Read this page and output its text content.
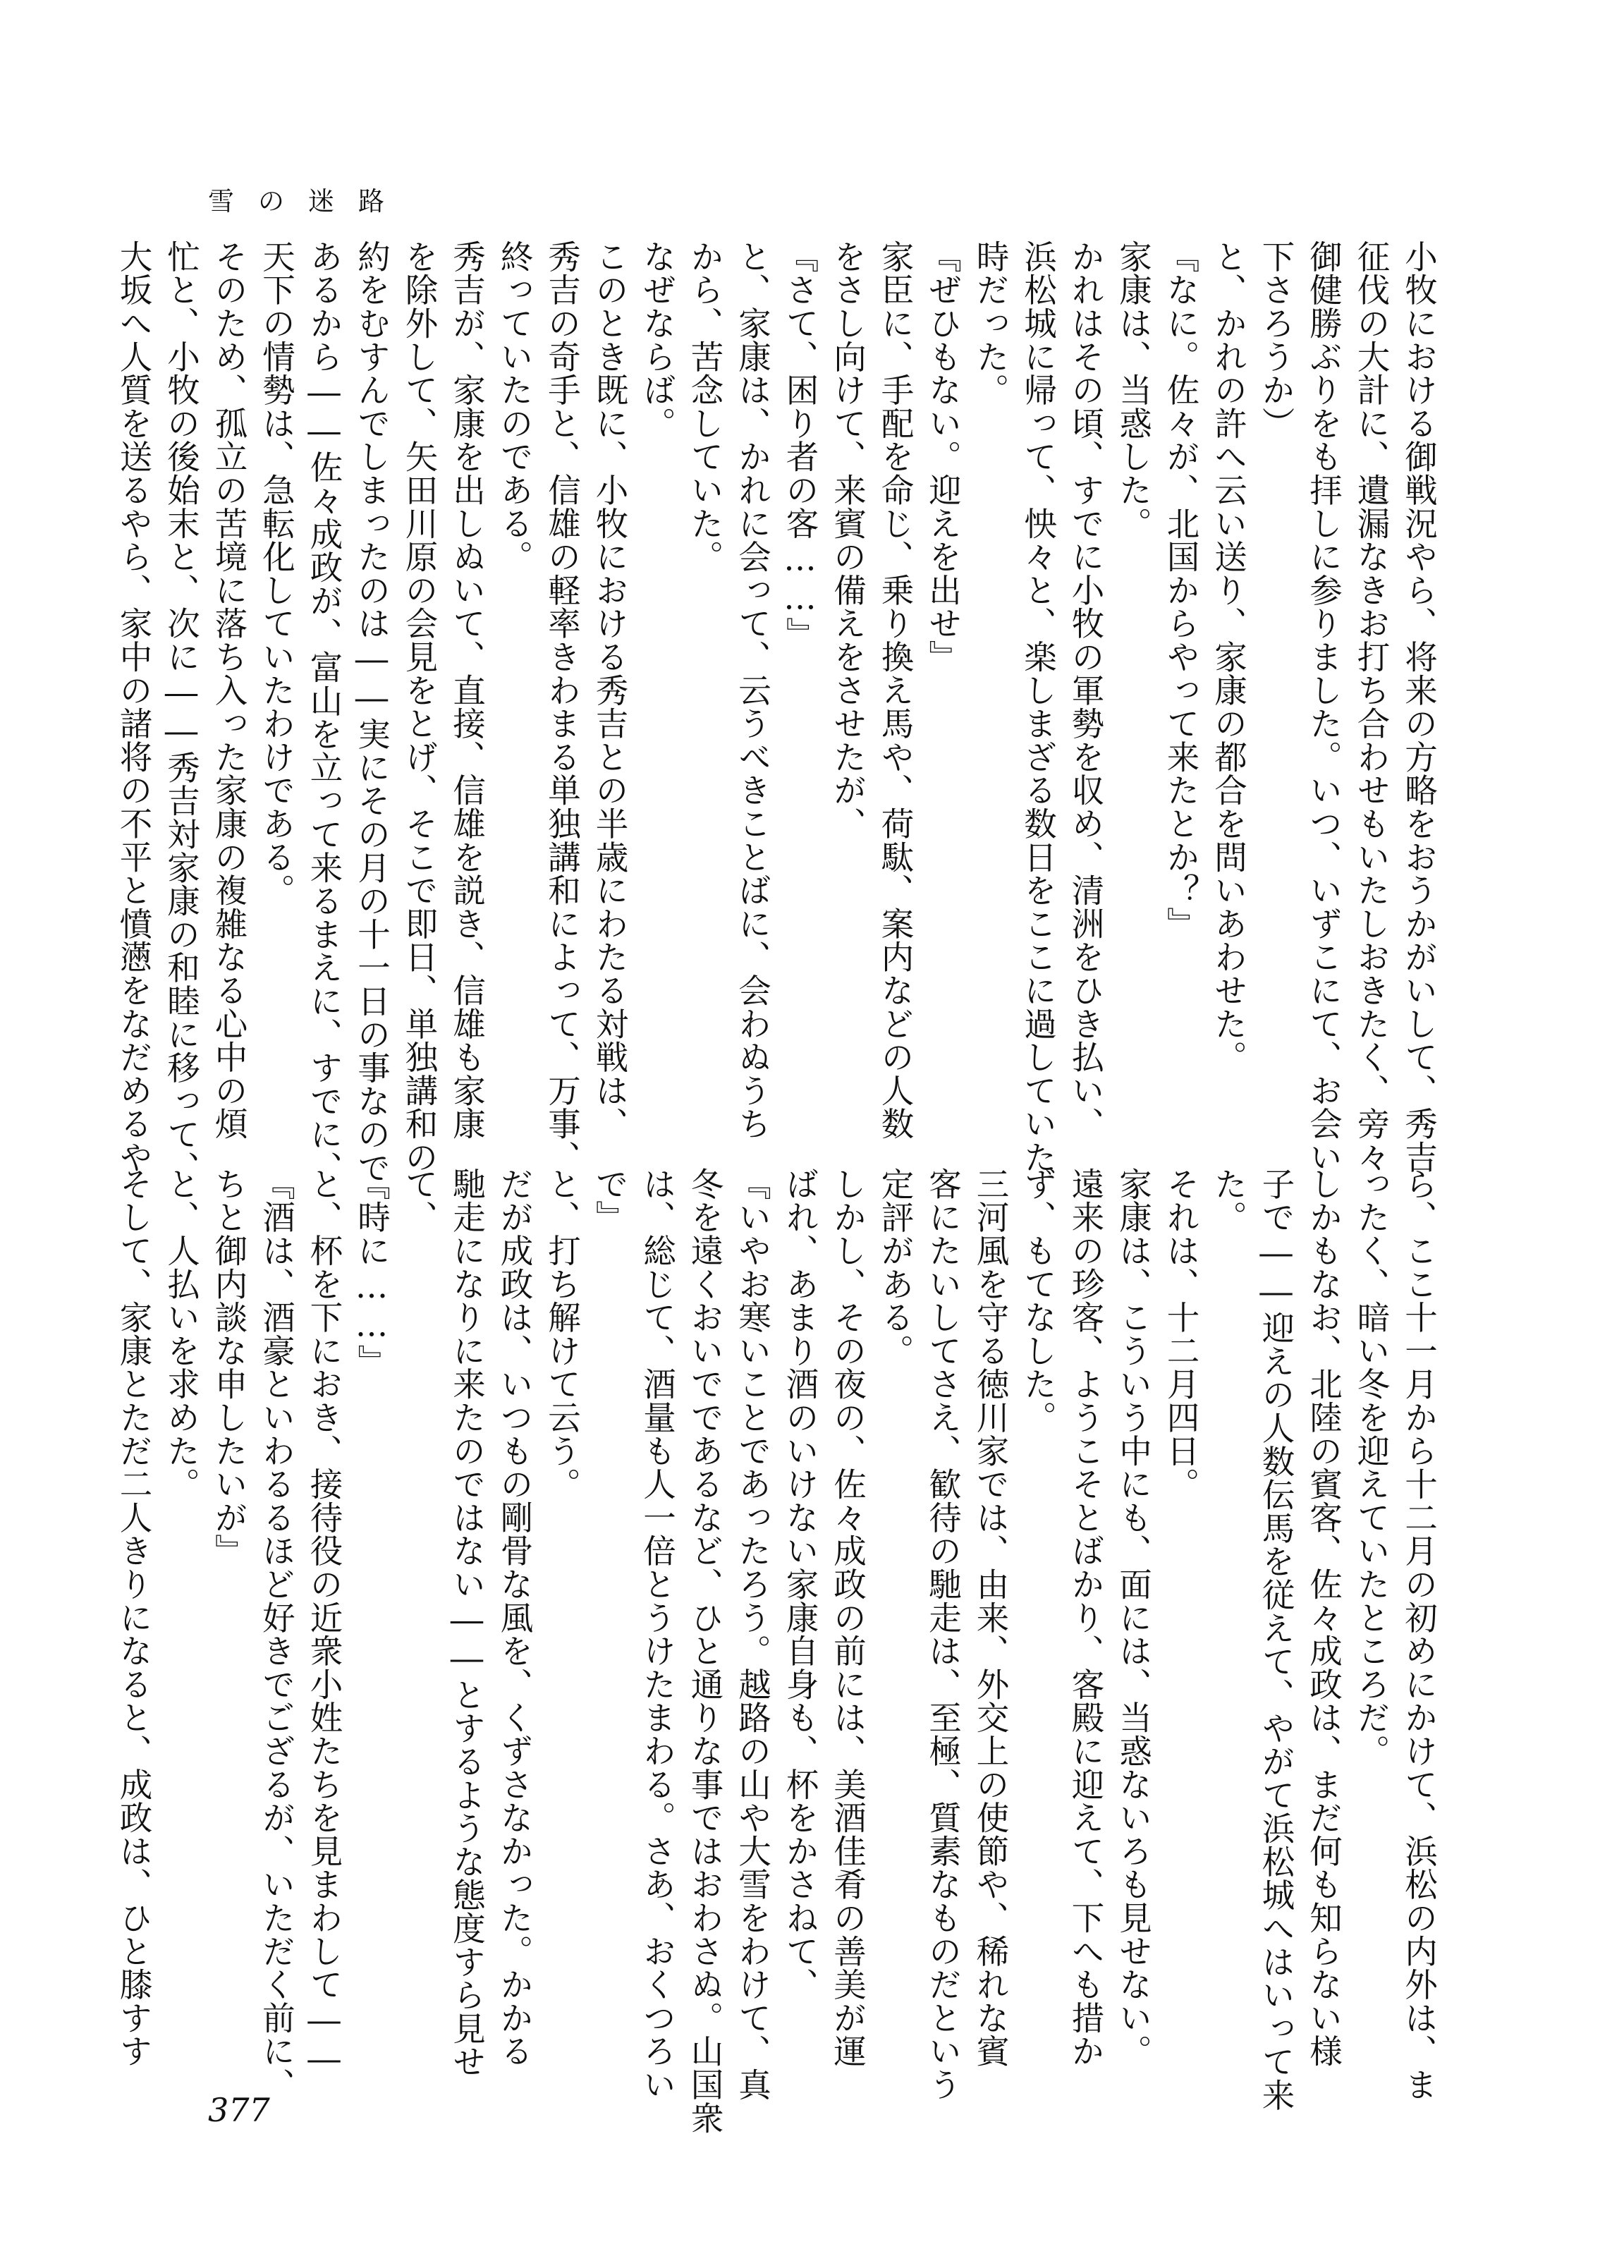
雪の迷路
小牧における御戦況やら、将来の方略をおうかがいして、秀吉
征伐の大計に、遺漏なきお打ち合わせもいたしおきたく、旁々
御健勝ぶりをも拝しに参りました。いつ、いずこにて、お会い
下さろうか）
と、かれの許へ云い送り、家康の都合を問いあわせた。
『なに。佐々が、北国からやって来たとか？』
家康は、当惑した。
かれはその頃、すでに小牧の軍勢を収め、清洲をひき払い、
浜松城に帰って、怏々と、楽しまざる数日をここに過していた
時だった。
『ぜひもない。迎えを出せ』
家臣に、手配を命じ、乗り換え馬や、荷駄、案内などの人数
をさし向けて、来賓の備えをさせたが、
『さて、困り者の客……』
と、家康は、かれに会って、云うべきことばに、会わぬうち
から、苦念していた。
なぜならば。
このとき既に、小牧における秀吉との半歳にわたる対戦は、
秀吉の奇手と、信雄の軽率きわまる単独講和によって、万事、
終っていたのである。
秀吉が、家康を出しぬいて、直接、信雄を説き、信雄も家康
を除外して、矢田川原の会見をとげ、そこで即日、単独講和の
約をむすんでしまったのは――実にその月の十一日の事なので
あるから――佐々成政が、富山を立って来るまえに、すでに、
天下の情勢は、急転化していたわけである。
そのため、孤立の苦境に落ち入った家康の複雑なる心中の煩
忙と、小牧の後始末と、次に――秀吉対家康の和睦に移って、
大坂へ人質を送るやら、家中の諸将の不平と憤懣をなだめるや
ら、ここ十一月から十二月の初めにかけて、浜松の内外は、ま
ったく、暗い冬を迎えていたところだ。
しかもなお、北陸の賓客、佐々成政は、まだ何も知らない様
子で――迎えの人数伝馬を従えて、やがて浜松城へはいって来
た。
それは、十二月四日。
家康は、こういう中にも、面には、当惑ないろも見せない。
遠来の珍客、ようこそとばかり、客殿に迎えて、下へも措か
ず、もてなした。
三河風を守る徳川家では、由来、外交上の使節や、稀れな賓
客にたいしてさえ、歓待の馳走は、至極、質素なものだという
定評がある。
しかし、その夜の、佐々成政の前には、美酒佳肴の善美が運
ばれ、あまり酒のいけない家康自身も、杯をかさねて、
『いやお寒いことであったろう。越路の山や大雪をわけて、真
冬を遠くおいでであるなど、ひと通りな事ではおわさぬ。山国衆
は、総じて、酒量も人一倍とうけたまわる。さあ、おくつろい
で』
と、打ち解けて云う。
だが成政は、いつもの剛骨な風を、くずさなかった。かかる
馳走になりに来たのではない――とするような態度すら見せ
て、
『時に……』
と、杯を下におき、接待役の近衆小姓たちを見まわして――
『酒は、酒豪といわるるほど好きでござるが、いただく前に、
ちと御内談な申したいが』
と、人払いを求めた。
そして、家康とただ二人きりになると、成政は、ひと膝すす
377
